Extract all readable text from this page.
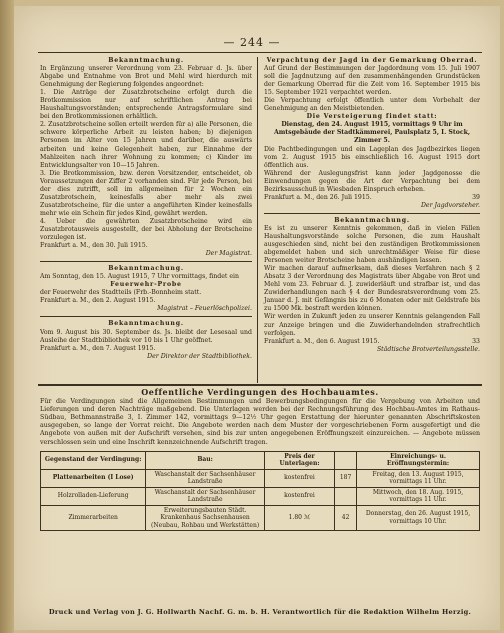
— 244 —
Bekanntmachung.
In Ergänzung unserer Verordnung vom 23. Februar d. Js. über Abgabe und Entnahme von Brot und Mehl wird hierdurch mit Genehmigung der Regierung folgendes angeordnet:
1. Die Anträge der Zusatzbrotscheine erfolgt durch die Brotkommission nur auf schriftlichen Antrag bei Haushaltungsvorständen; entsprechende Antragsformulare sind bei den Brotkommissionen erhältlich.
2. Zusatzbrotscheine sollen erteilt werden für a) alle Personen, die schwere körperliche Arbeit zu leisten haben; b) diejenigen Personen im Alter von 15 Jahren und darüber, die auswärts arbeiten und keine Gelegenheit haben, zur Einnahme der Mahlzeiten nach ihrer Wohnung zu kommen; c) Kinder im Entwicklungsalter von 10—15 Jahren.
3. Die Brotkommission, bzw. deren Vorsitzender, entscheidet, ob Voraussetzungen der Ziffer 2 vorhanden sind. Für jede Person, bei der dies zutrifft, soll im allgemeinen für 2 Wochen ein Zusatzbrotschein, keinesfalls aber mehr als zwei Zusatzbrotscheine, für die unter a angeführten Kinder keinesfalls mehr wie ein Schein für jedes Kind, gewährt werden.
4. Ueber die gewährten Zusatzbrotscheine wird ein Zusatzbrotausweis ausgestellt, der bei Abholung der Brotscheine vorzulegen ist.
Frankfurt a. M., den 30. Juli 1915.
Der Magistrat.
Bekanntmachung.
Am Sonntag, den 15. August 1915, 7 Uhr vormittags, findet ein
Feuerwehr-Probe
der Feuerwehr des Stadtteils (Frb.-Bonnheim statt.
Frankfurt a. M., den 2. August 1915.
Magistrat – Feuerlöschpolizei.
Bekanntmachung.
Vom 9. August bis 30. September ds. Js. bleibt der Lesesaal und Ausleihe der Stadtbibliothek vor 10 bis 1 Uhr geöffnet.
Frankfurt a. M., den 7. August 1915.
Der Direktor der Stadtbibliothek.
Verpachtung der Jagd in der Gemarkung Oberrad.
Auf Grund der Bestimmungen der Jagdordnung vom 15. Juli 1907 soll die Jagdnutzung auf den zusammenhängenden Grundstücken der Gemarkung Oberrad für die Zeit vom 16. September 1915 bis 15. September 1921 verpachtet werden.
Die Verpachtung erfolgt öffentlich unter dem Vorbehalt der Genehmigung an den Meistbietenden.
Die Versteigerung findet statt:
Dienstag, den 24. August 1915, vormittags 9 Uhr im Amtsgebäude der Stadtkämmerei, Paulsplatz 5, I. Stock, Zimmer 5.
Die Pachtbedingungen und ein Lageplan des Jagdbezirkes liegen vom 2. August 1915 bis einschließlich 16. August 1915 dort öffentlich aus.
Während der Auslegungsfrist kann jeder Jagdgenosse die Einwendungen gegen die Art der Verpachtung bei dem Bezirksausschuß in Wiesbaden Einspruch erheben.
Frankfurt a. M., den 26. Juli 1915.	39
Der Jagdvorsteher.
Bekanntmachung.
Es ist zu unserer Kenntnis gekommen, daß in vielen Fällen Haushaltungsvorstände solche Personen, die zum Haushalt ausgeschieden sind, nicht bei den zuständigen Brotkommissionen abgemeldet haben und sich unrechtmäßiger Weise für diese Personen weiter Brotscheine haben aushändigen lassen.
Wir machen darauf aufmerksam, daß dieses Verfahren nach § 2 Absatz 3 der Verordnung des Magistrats über Abgabe von Brot und Mehl vom 23. Februar d. J. zuwiderläuft und strafbar ist, und das Zuwiderhandlungen nach § 4 der Bundesratsverordnung vom 25. Januar d. J. mit Gefängnis bis zu 6 Monaten oder mit Geldstrafe bis zu 1500 Mk. bestraft werden können.
Wir werden in Zukunft jeden zu unserer Kenntnis gelangenden Fall zur Anzeige bringen und die Zuwiderhandelnden strafrechtlich verfolgen.
Frankfurt a. M., den 6. August 1915.	33
Städtische Brotverteilungsstelle.
Oeffentliche Verdingungen des Hochbauamtes.
Für die Verdingungen sind die Allgemeinen Bestimmungen und Bewerbungsbedingungen für die Vergebung von Arbeiten und Lieferungen und deren Nachträge maßgebend. Die Unterlagen werden bei der Rechnungsführung des Hochbau-Amtes im Rathaus-Südbau, Bethmannstraße 3, I. Zimmer 142, vormittags 9—12½ Uhr gegen Erstattung der hierunter genannten Abschriftskosten ausgegeben, so lange der Vorrat reicht. Die Angebote werden nach dem Muster der vorgeschriebenen Form ausgefertigt und die Angebote von außen mit der Aufschrift versehen, sind bis zur unten angegebenen Eröffnungszeit einzureichen. — Angebote müssen verschlossen sein und eine Inschrift kennzeichnende Aufschrift tragen.
Gegenstand der Verdingung:	Bau:	Preis der Unterlagen:		Einreichungs- u. Eröffnungstermin:
Plattenarbeiten (I Lose)	Waschanstalt der Sachsenhäuser Landstraße	kostenfrei	187	Freitag, den 13. August 1915, vormittags 11 Uhr.
Holzrolladen-Lieferung	Waschanstalt der Sachsenhäuser Landstraße	kostenfrei		Mittwoch, den 18. Aug. 1915, vormittags 11 Uhr.
Zimmerarbeiten	Erweiterungsbauten Städt. Krankenhaus Sachsenhausen (Neubau, Rohbau und Werkstätten)	1.80 ℳ	42	Donnerstag, den 26. August 1915, vormittags 10 Uhr.
Druck und Verlag von J. G. Hollwarth Nachf. G. m. b. H. Verantwortlich für die Redaktion Wilhelm Herzig.
